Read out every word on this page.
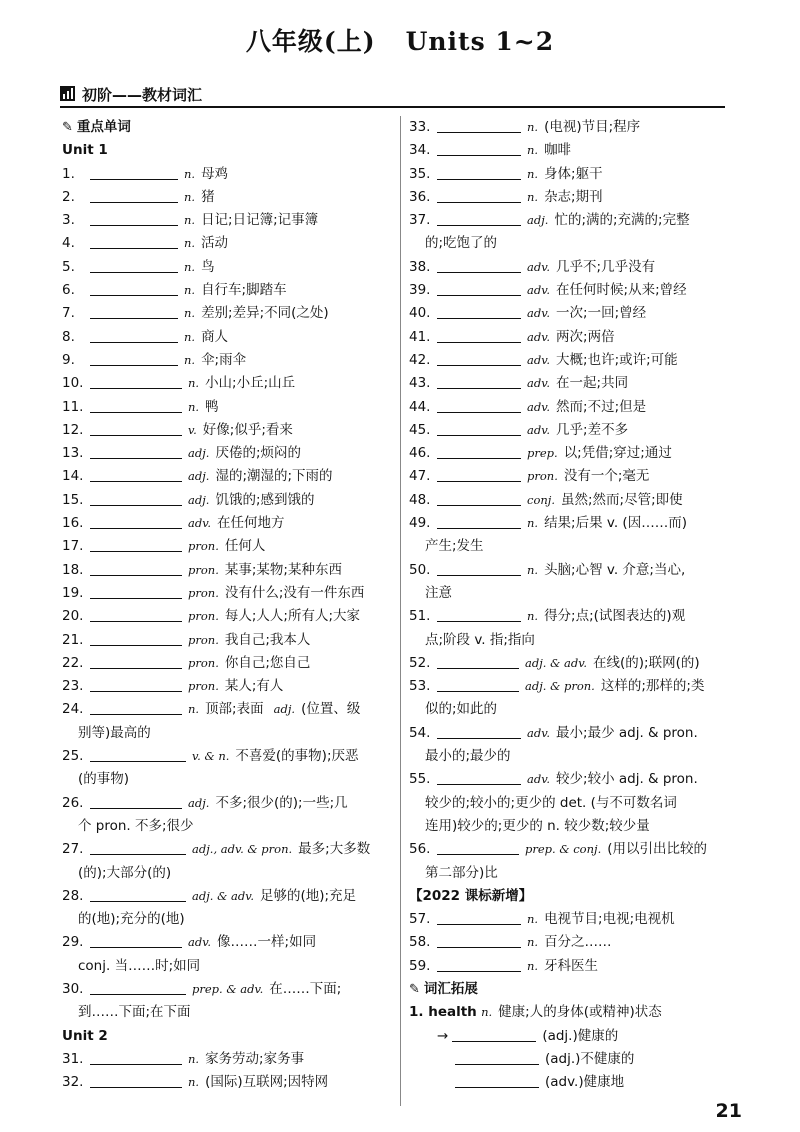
八年级(上) Units 1~2
初阶——教材词汇
✎ 重点单词
Unit 1
1.	n. 母鸡
2.	n. 猪
3.	n. 日记;日记簿;记事簿
4.	n. 活动
5.	n. 鸟
6.	n. 自行车;脚踏车
7.	n. 差别;差异;不同(之处)
8.	n. 商人
9.	n. 伞;雨伞
10.	n. 小山;小丘;山丘
11.	n. 鸭
12.	v. 好像;似乎;看来
13.	adj. 厌倦的;烦闷的
14.	adj. 湿的;潮湿的;下雨的
15.	adj. 饥饿的;感到饿的
16.	adv. 在任何地方
17.	pron. 任何人
18.	pron. 某事;某物;某种东西
19.	pron. 没有什么;没有一件东西
20.	pron. 每人;人人;所有人;大家
21.	pron. 我自己;我本人
22.	pron. 你自己;您自己
23.	pron. 某人;有人
24.	n. 顶部;表面 adj. (位置、级
别等)最高的
25.	v. & n. 不喜爱(的事物);厌恶
(的事物)
26.	adj. 不多;很少(的);一些;几
个 pron. 不多;很少
27.	adj., adv. & pron. 最多;大多数
(的);大部分(的)
28.	adj. & adv. 足够的(地);充足
的(地);充分的(地)
29.	adv. 像……一样;如同
conj. 当……时;如同
30.	prep. & adv. 在……下面;
到……下面;在下面
Unit 2
31.	n. 家务劳动;家务事
32.	n. (国际)互联网;因特网
33.	n. (电视)节目;程序
34.	n. 咖啡
35.	n. 身体;躯干
36.	n. 杂志;期刊
37.	adj. 忙的;满的;充满的;完整
的;吃饱了的
38.	adv. 几乎不;几乎没有
39.	adv. 在任何时候;从来;曾经
40.	adv. 一次;一回;曾经
41.	adv. 两次;两倍
42.	adv. 大概;也许;或许;可能
43.	adv. 在一起;共同
44.	adv. 然而;不过;但是
45.	adv. 几乎;差不多
46.	prep. 以;凭借;穿过;通过
47.	pron. 没有一个;毫无
48.	conj. 虽然;然而;尽管;即使
49.	n. 结果;后果 v. (因……而)
产生;发生
50.	n. 头脑;心智 v. 介意;当心,
注意
51.	n. 得分;点;(试图表达的)观
点;阶段 v. 指;指向
52.	adj. & adv. 在线(的);联网(的)
53.	adj. & pron. 这样的;那样的;类
似的;如此的
54.	adv. 最小;最少 adj. & pron.
最小的;最少的
55.	adv. 较少;较小 adj. & pron.
较少的;较小的;更少的 det. (与不可数名词
连用)较少的;更少的 n. 较少数;较少量
56.	prep. & conj. (用以引出比较的
第二部分)比
【2022 课标新增】
57.	n. 电视节目;电视;电视机
58.	n. 百分之……
59.	n. 牙科医生
✎ 词汇拓展
1. health n. 健康;人的身体(或精神)状态
→	(adj.)健康的
(adj.)不健康的
(adv.)健康地
21
